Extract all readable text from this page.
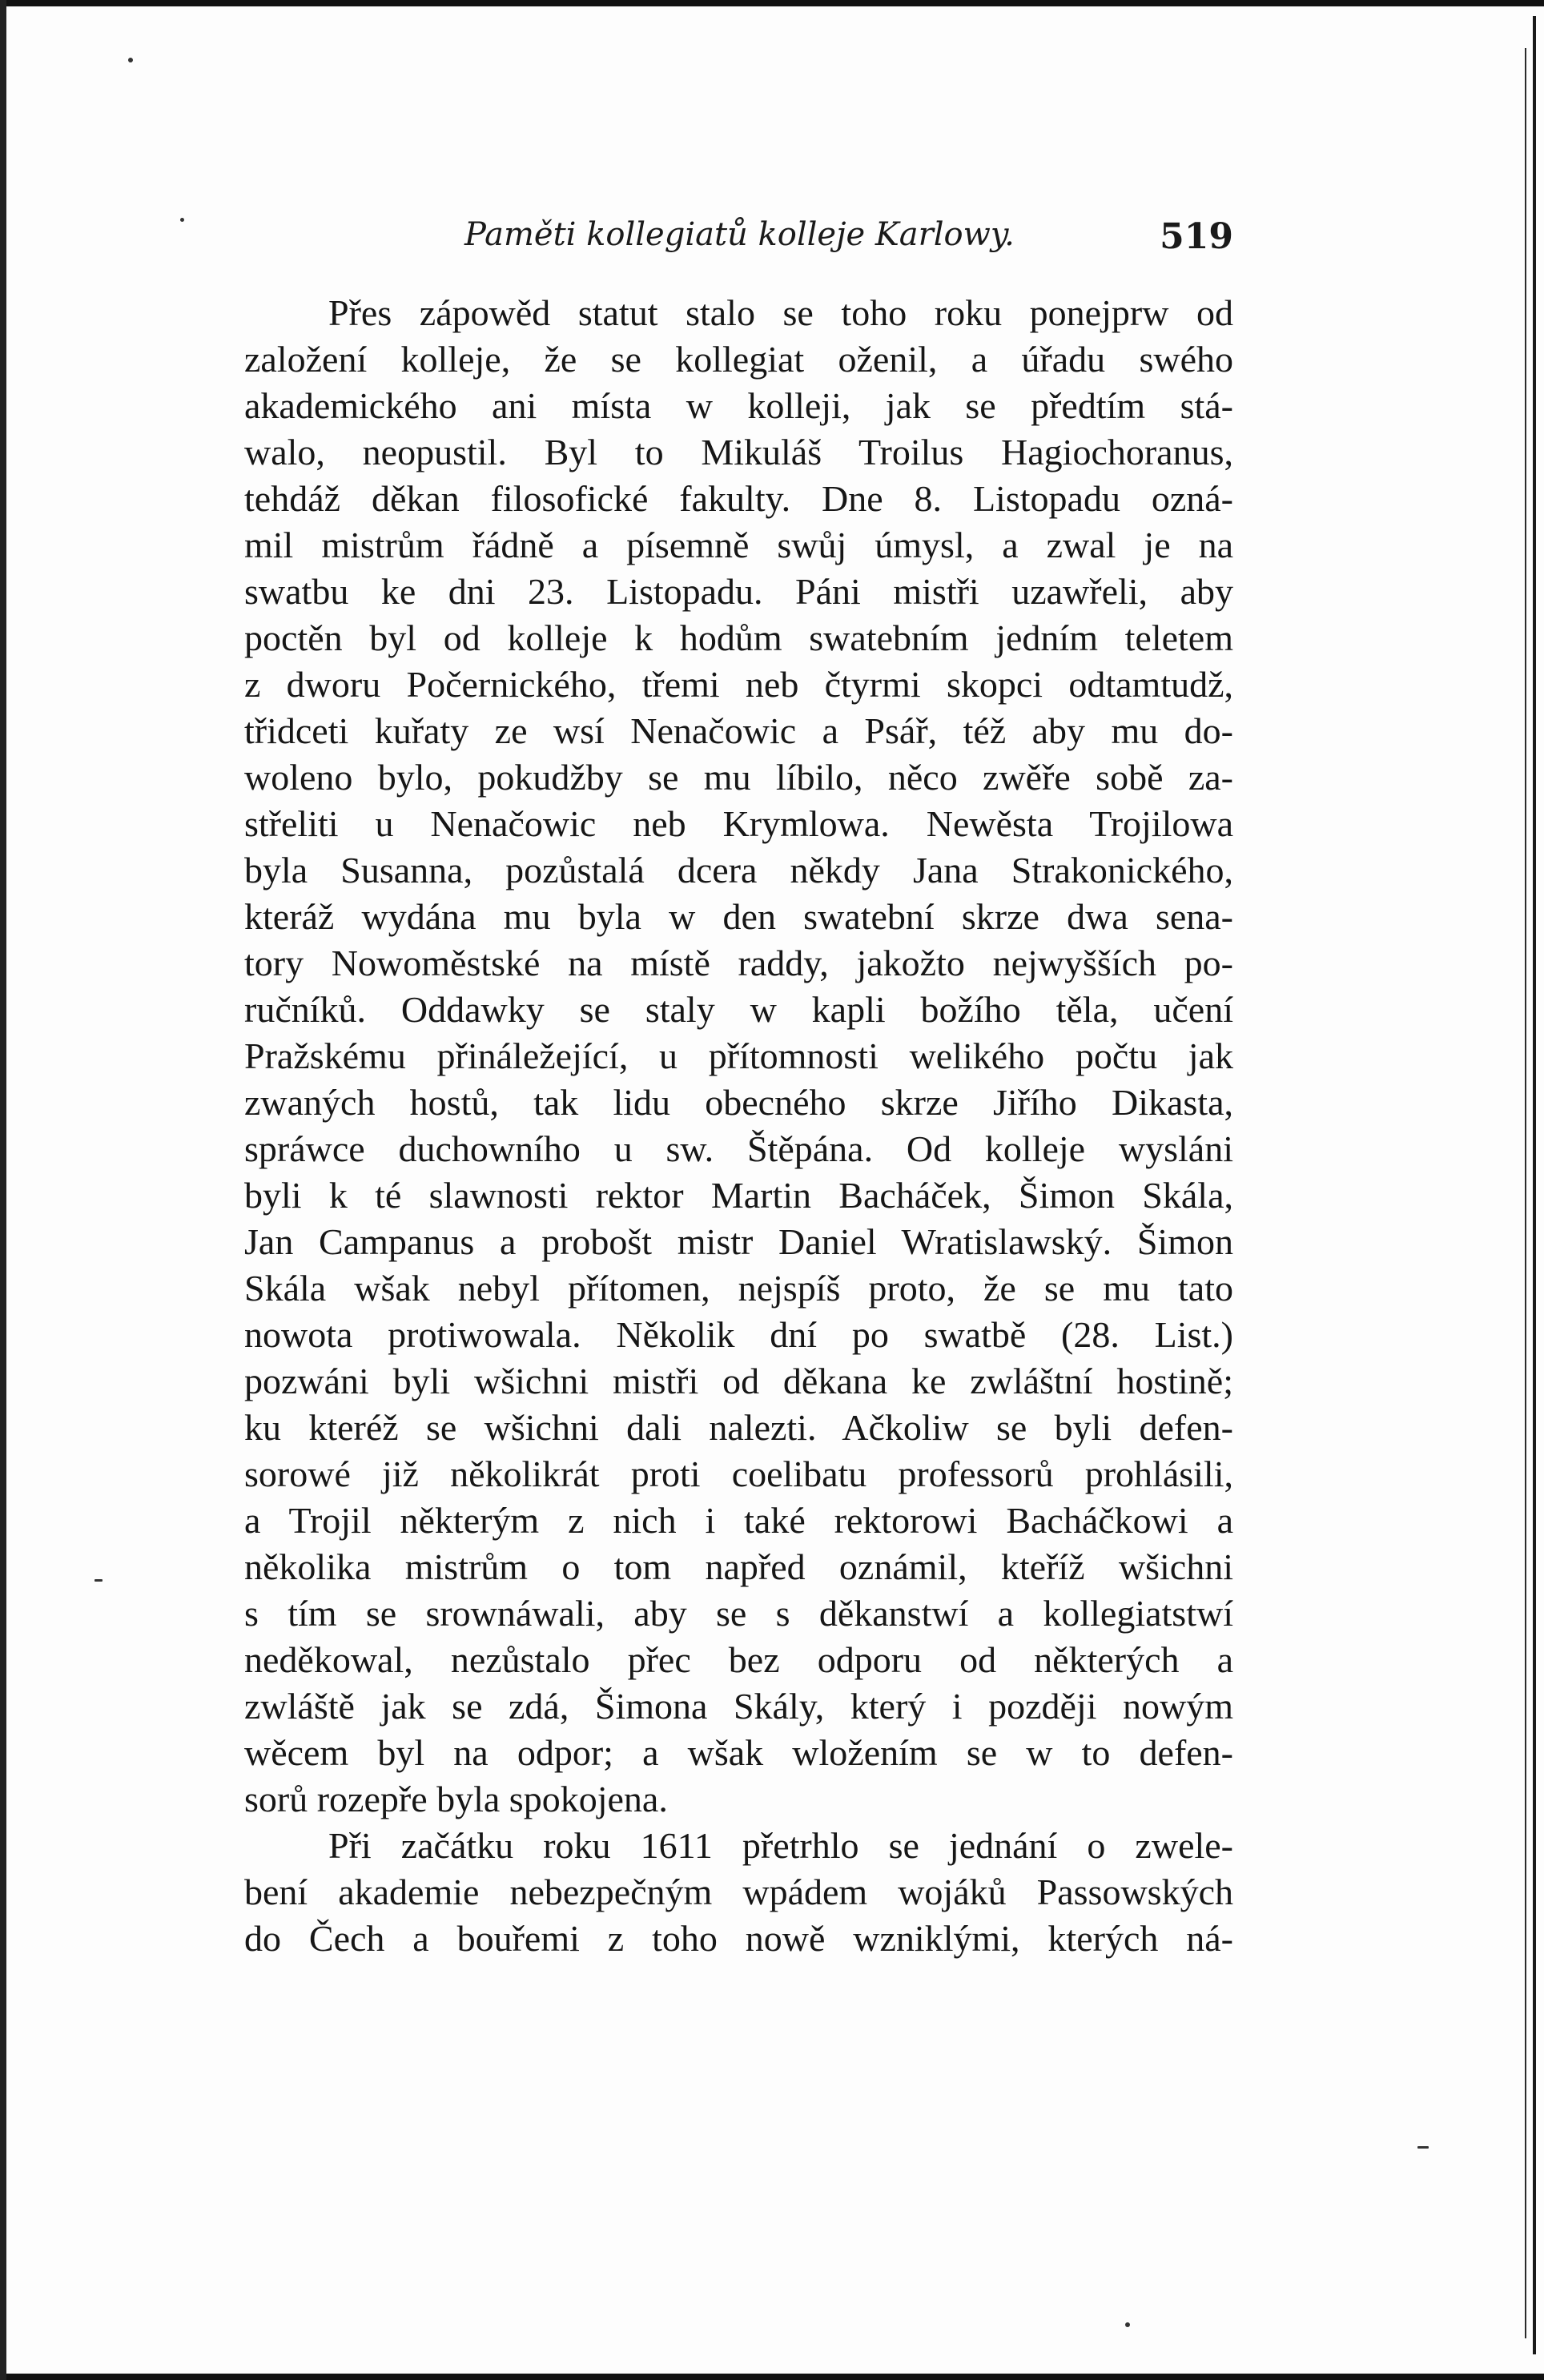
Paměti kollegiatů kolleje Karlowy.	519
Přes zápowěd statut stalo se toho roku ponejprw od
založení kolleje, že se kollegiat oženil, a úřadu swého
akademického ani místa w kolleji, jak se předtím stá-
walo, neopustil. Byl to Mikuláš Troilus Hagiochoranus,
tehdáž děkan filosofické fakulty. Dne 8. Listopadu ozná-
mil mistrům řádně a písemně swůj úmysl, a zwal je na
swatbu ke dni 23. Listopadu. Páni mistři uzawřeli, aby
poctěn byl od kolleje k hodům swatebním jedním teletem
z dworu Počernického, třemi neb čtyrmi skopci odtamtudž,
třidceti kuřaty ze wsí Nenačowic a Psář, též aby mu do-
woleno bylo, pokudžby se mu líbilo, něco zwěře sobě za-
střeliti u Nenačowic neb Krymlowa. Newěsta Trojilowa
byla Susanna, pozůstalá dcera někdy Jana Strakonického,
kteráž wydána mu byla w den swatební skrze dwa sena-
tory Nowoměstské na místě raddy, jakožto nejwyšších po-
ručníků. Oddawky se staly w kapli božího těla, učení
Pražskému přináležející, u přítomnosti welikého počtu jak
zwaných hostů, tak lidu obecného skrze Jiřího Dikasta,
spráwce duchowního u sw. Štěpána. Od kolleje wysláni
byli k té slawnosti rektor Martin Bacháček, Šimon Skála,
Jan Campanus a probošt mistr Daniel Wratislawský. Šimon
Skála wšak nebyl přítomen, nejspíš proto, že se mu tato
nowota protiwowala. Několik dní po swatbě (28. List.)
pozwáni byli wšichni mistři od děkana ke zwláštní hostině;
ku kteréž se wšichni dali nalezti. Ačkoliw se byli defen-
sorowé již několikrát proti coelibatu professorů prohlásili,
a Trojil některým z nich i také rektorowi Bacháčkowi a
několika mistrům o tom napřed oznámil, kteříž wšichni
s tím se srownáwali, aby se s děkanstwí a kollegiatstwí
neděkowal, nezůstalo přec bez odporu od některých a
zwláště jak se zdá, Šimona Skály, který i později nowým
wěcem byl na odpor; a wšak wložením se w to defen-
sorů rozepře byla spokojena.
Při začátku roku 1611 přetrhlo se jednání o zwele-
bení akademie nebezpečným wpádem wojáků Passowských
do Čech a bouřemi z toho nowě wzniklými, kterých ná-
